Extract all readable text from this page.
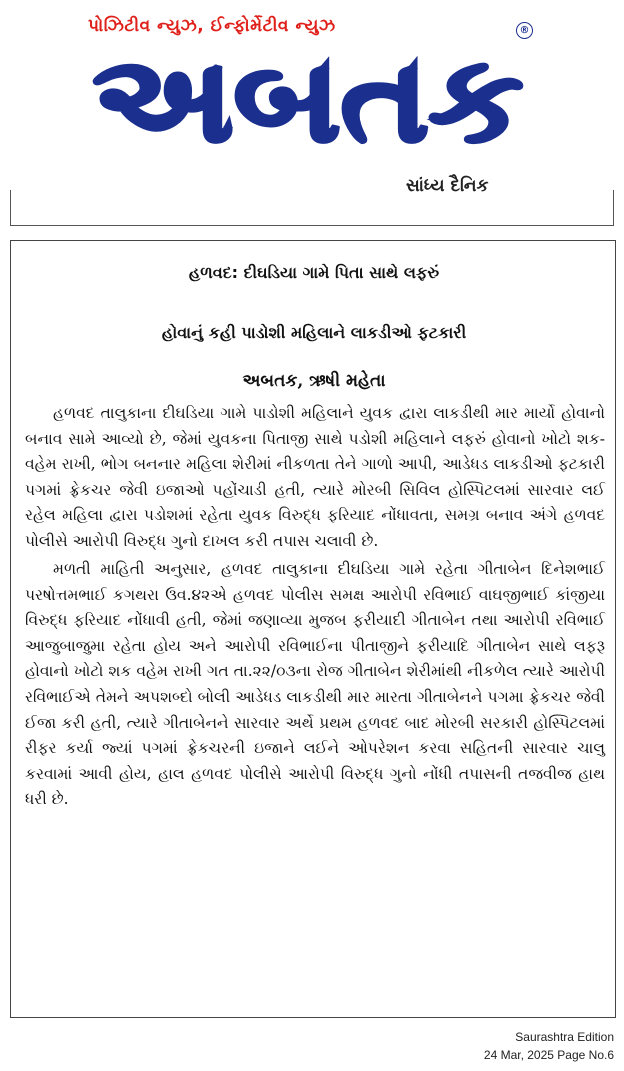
પોઝિટીવ ન્યુઝ, ઈન્ફોર્મેટીવ ન્યુઝ
અબતક
®
સાંધ્ય દૈનિક
હળવદ: દીઘડિયા ગામે પિતા સાથે લફરું
હોવાનું કહી પાડોશી મહિલાને લાકડીઓ ફટકારી
અબતક, ઋષી મહેતા
હળવદ તાલુકાના દીઘડિયા ગામે પાડોશી મહિલાને યુવક દ્વારા લાકડીથી માર માર્યો હોવાનો બનાવ સામે આવ્યો છે, જેમાં યુવકના પિતાજી સાથે પડોશી મહિલાને લફરું હોવાનો ખોટો શક-વહેમ રાખી, ભોગ બનનાર મહિલા શેરીમાં નીકળતા તેને ગાળો આપી, આડેધડ લાકડીઓ ફટકારી પગમાં ફ્રેકચર જેવી ઇજાઓ પહોંચાડી હતી, ત્યારે મોરબી સિવિલ હોસ્પિટલમાં સારવાર લઈ રહેલ મહિલા દ્વારા પડોશમાં રહેતા યુવક વિરુદ્ધ ફરિયાદ નોંધાવતા, સમગ્ર બનાવ અંગે હળવદ પોલીસે આરોપી વિરુદ્ધ ગુનો દાખલ કરી તપાસ ચલાવી છે.
મળતી માહિતી અનુસાર, હળવદ તાલુકાના દીઘડિયા ગામે રહેતા ગીતાબેન દિનેશભાઈ પરષોત્તમભાઈ કગથરા ઉવ.૪૨એ હળવદ પોલીસ સમક્ષ આરોપી રવિભાઈ વાઘજીભાઈ કાંજીયા વિરુદ્ધ ફરિયાદ નોંધાવી હતી, જેમાં જણાવ્યા મુજબ ફરીયાદી ગીતાબેન તથા આરોપી રવિભાઈ આજુબાજુમા રહેતા હોય અને આરોપી રવિભાઈના પીતાજીને ફરીયાદિ ગીતાબેન સાથે લફરૂ હોવાનો ખોટો શક વહેમ રાખી ગત તા.૨૨/૦૩ના રોજ ગીતાબેન શેરીમાંથી નીકળેલ ત્યારે આરોપી રવિભાઈએ તેમને અપશબ્દો બોલી આડેધડ લાકડીથી માર મારતા ગીતાબેનને પગમા ફ્રેકચર જેવી ઈજા કરી હતી, ત્યારે ગીતાબેનને સારવાર અર્થે પ્રથમ હળવદ બાદ મોરબી સરકારી હોસ્પિટલમાં રીફર કર્યા જ્યાં પગમાં ફ્રેકચરની ઇજાને લઈને ઓપરેશન કરવા સહિતની સારવાર ચાલુ કરવામાં આવી હોય, હાલ હળવદ પોલીસે આરોપી વિરુદ્ધ ગુનો નોંધી તપાસની તજવીજ હાથ ધરી છે.
Saurashtra Edition
24 Mar, 2025 Page No.6
